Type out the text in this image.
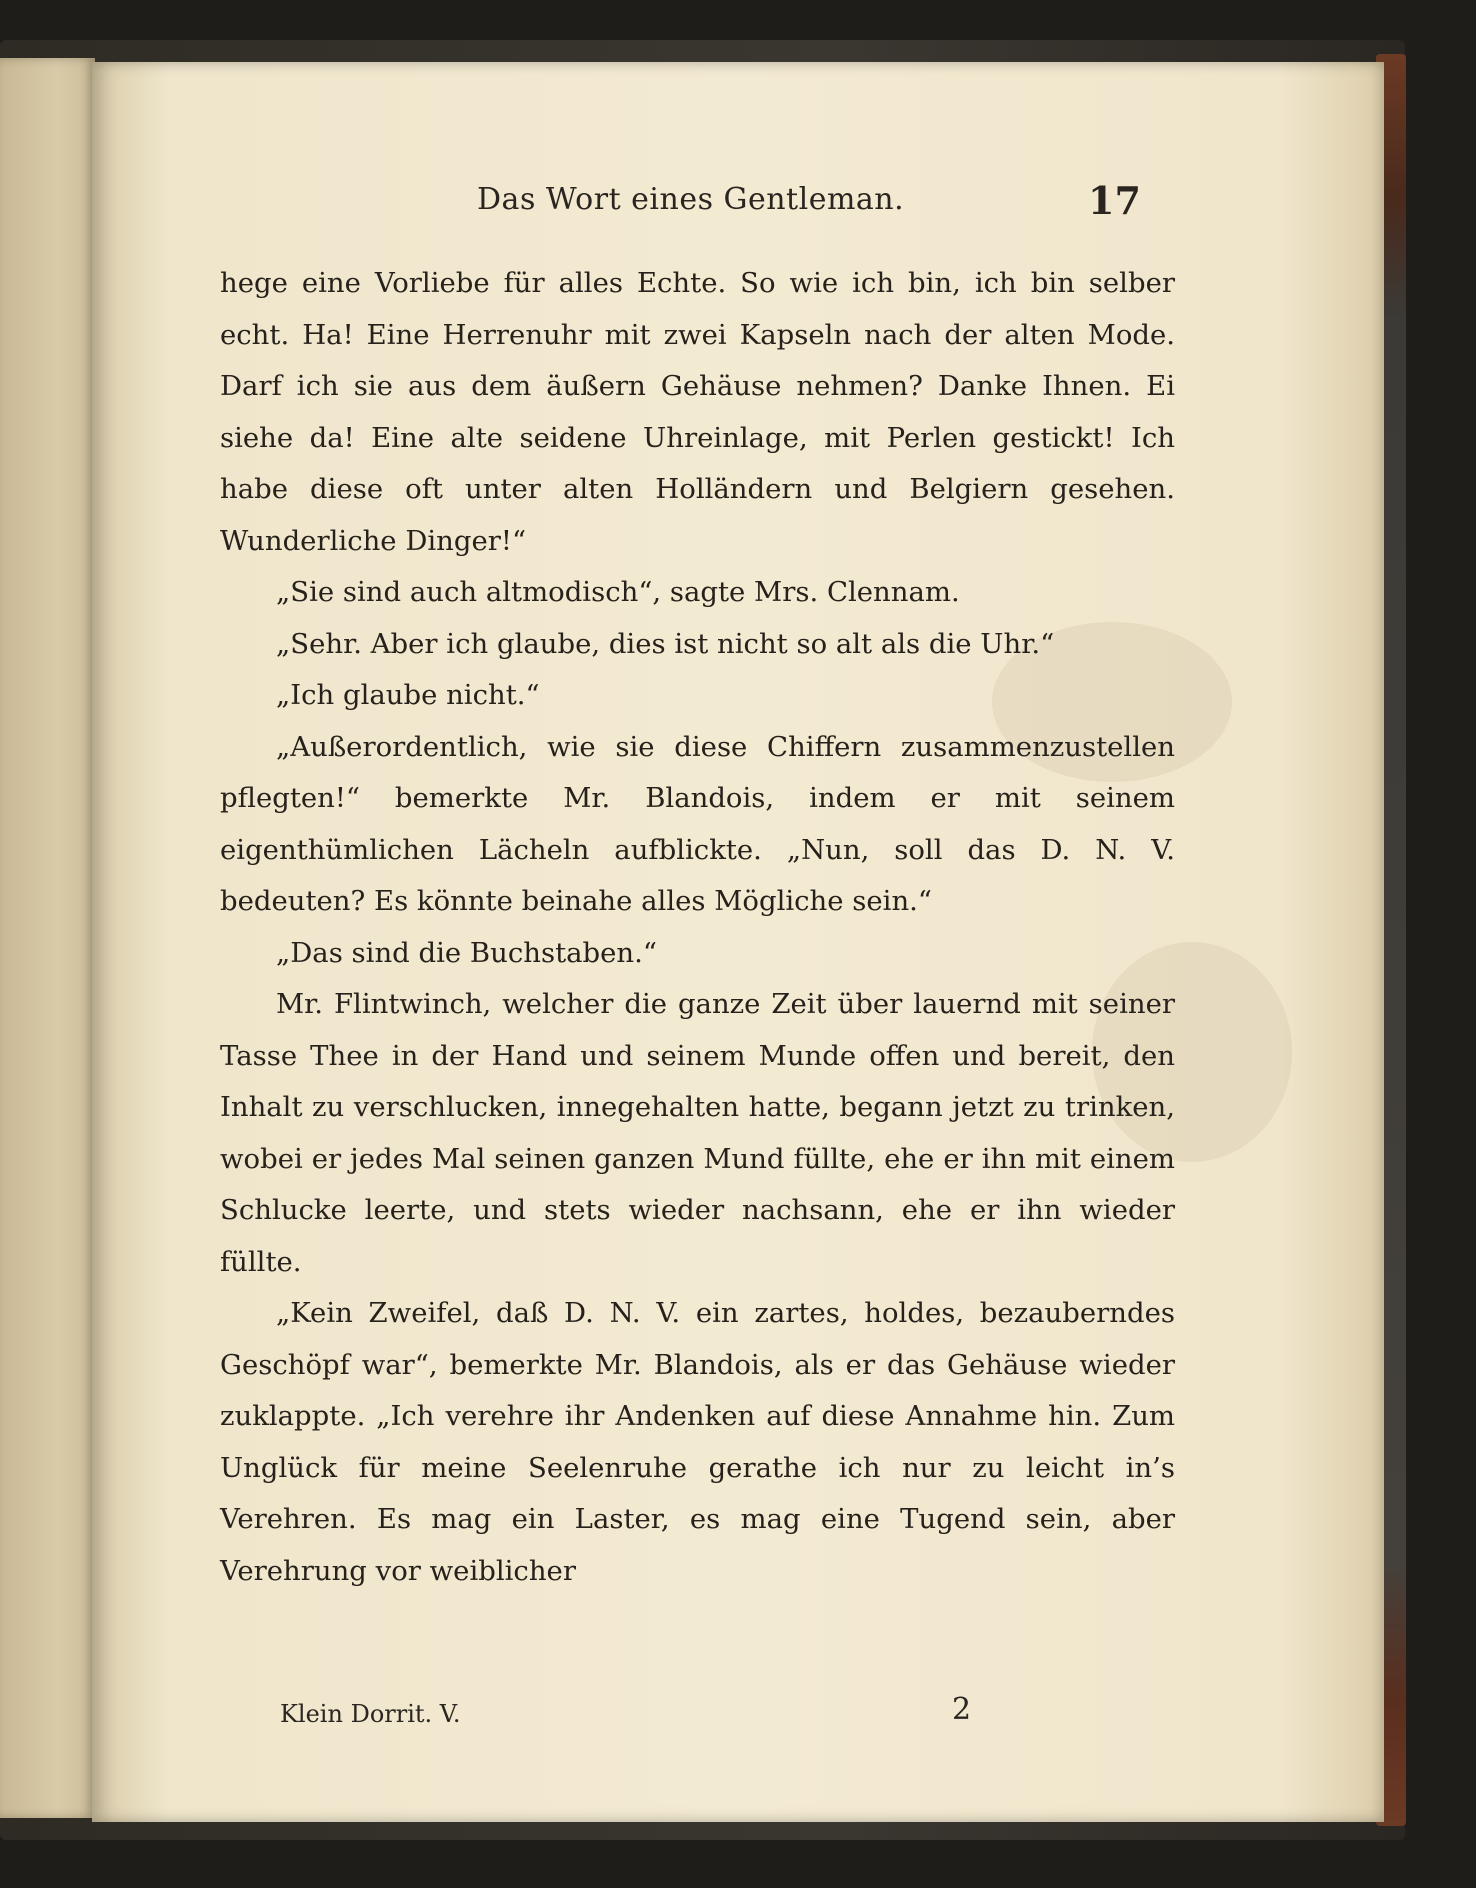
Das Wort eines Gentleman.	17

hege eine Vorliebe für alles Echte. So wie ich bin, ich bin selber echt. Ha! Eine Herrenuhr mit zwei Kapseln nach der alten Mode. Darf ich sie aus dem äußern Gehäuse nehmen? Danke Ihnen. Ei siehe da! Eine alte seidene Uhreinlage, mit Perlen gestickt! Ich habe diese oft unter alten Holländern und Belgiern gesehen. Wunderliche Dinger!“

„Sie sind auch altmodisch“, sagte Mrs. Clennam.

„Sehr. Aber ich glaube, dies ist nicht so alt als die Uhr.“

„Ich glaube nicht.“

„Außerordentlich, wie sie diese Chiffern zusammenzustellen pflegten!“ bemerkte Mr. Blandois, indem er mit seinem eigenthümlichen Lächeln aufblickte. „Nun, soll das D. N. V. bedeuten? Es könnte beinahe alles Mögliche sein.“

„Das sind die Buchstaben.“

Mr. Flintwinch, welcher die ganze Zeit über lauernd mit seiner Tasse Thee in der Hand und seinem Munde offen und bereit, den Inhalt zu verschlucken, innegehalten hatte, begann jetzt zu trinken, wobei er jedes Mal seinen ganzen Mund füllte, ehe er ihn mit einem Schlucke leerte, und stets wieder nachsann, ehe er ihn wieder füllte.

„Kein Zweifel, daß D. N. V. ein zartes, holdes, bezauberndes Geschöpf war“, bemerkte Mr. Blandois, als er das Gehäuse wieder zuklappte. „Ich verehre ihr Andenken auf diese Annahme hin. Zum Unglück für meine Seelenruhe gerathe ich nur zu leicht in’s Verehren. Es mag ein Laster, es mag eine Tugend sein, aber Verehrung vor weiblicher

Klein Dorrit. V.	2
